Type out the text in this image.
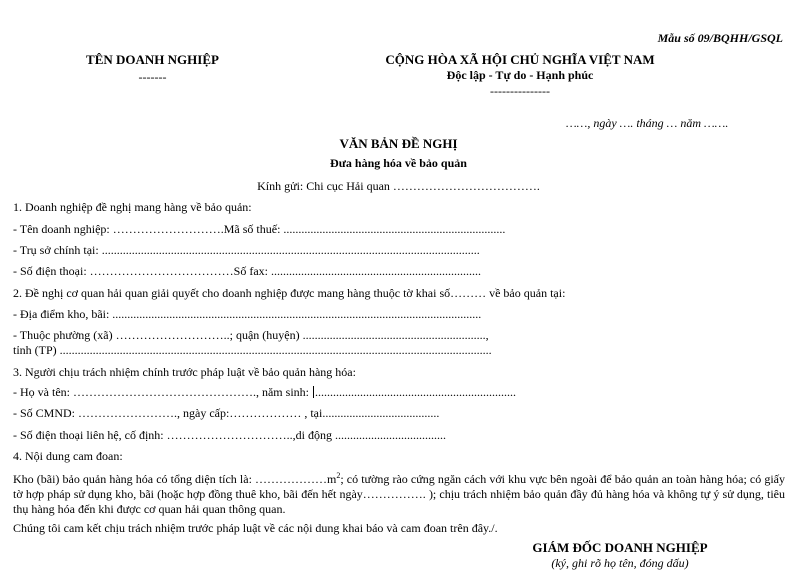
Mẫu số 09/BQHH/GSQL
TÊN DOANH NGHIỆP
-------
CỘNG HÒA XÃ HỘI CHỦ NGHĨA VIỆT NAM
Độc lập - Tự do - Hạnh phúc
---------------
……, ngày …. tháng … năm …….
VĂN BẢN ĐỀ NGHỊ
Đưa hàng hóa về bảo quản
Kính gửi: Chi cục Hải quan ……………………………….
1. Doanh nghiệp đề nghị mang hàng về bảo quản:
- Tên doanh nghiệp: ……………………….Mã số thuế: ..........................................................................
- Trụ sở chính tại: ..............................................................................................................................
- Số điện thoại: ………………………………Số fax: ......................................................................
2. Đề nghị cơ quan hải quan giải quyết cho doanh nghiệp được mang hàng thuộc tờ khai số……… về bảo quản tại:
- Địa điểm kho, bãi: ...........................................................................................................................
- Thuộc phường (xã) ………………………..; quận (huyện) .............................................................,
tỉnh (TP) ................................................................................................................................................
3. Người chịu trách nhiệm chính trước pháp luật về bảo quản hàng hóa:
- Họ và tên: ………………………………………., năm sinh: ...................................................................
- Số CMND: ……………………., ngày cấp:……………… , tại.......................................
- Số điện thoại liên hệ, cố định: …………………………..,di động .....................................
4. Nội dung cam đoan:
Kho (bãi) bảo quản hàng hóa có tổng diện tích là: $\dots\dots\dots\dots\dots\dots m^2$; có tường rào cứng ngăn cách với khu vực bên ngoài để bảo quản an toàn hàng hóa; có giấy tờ hợp pháp sử dụng kho, bãi (hoặc hợp đồng thuê kho, bãi đến hết ngày……………. ); chịu trách nhiệm bảo quản đầy đủ hàng hóa và không tự ý sử dụng, tiêu thụ hàng hóa đến khi được cơ quan hải quan thông quan.
Chúng tôi cam kết chịu trách nhiệm trước pháp luật về các nội dung khai báo và cam đoan trên đây./.
GIÁM ĐỐC DOANH NGHIỆP
(ký, ghi rõ họ tên, đóng dấu)
